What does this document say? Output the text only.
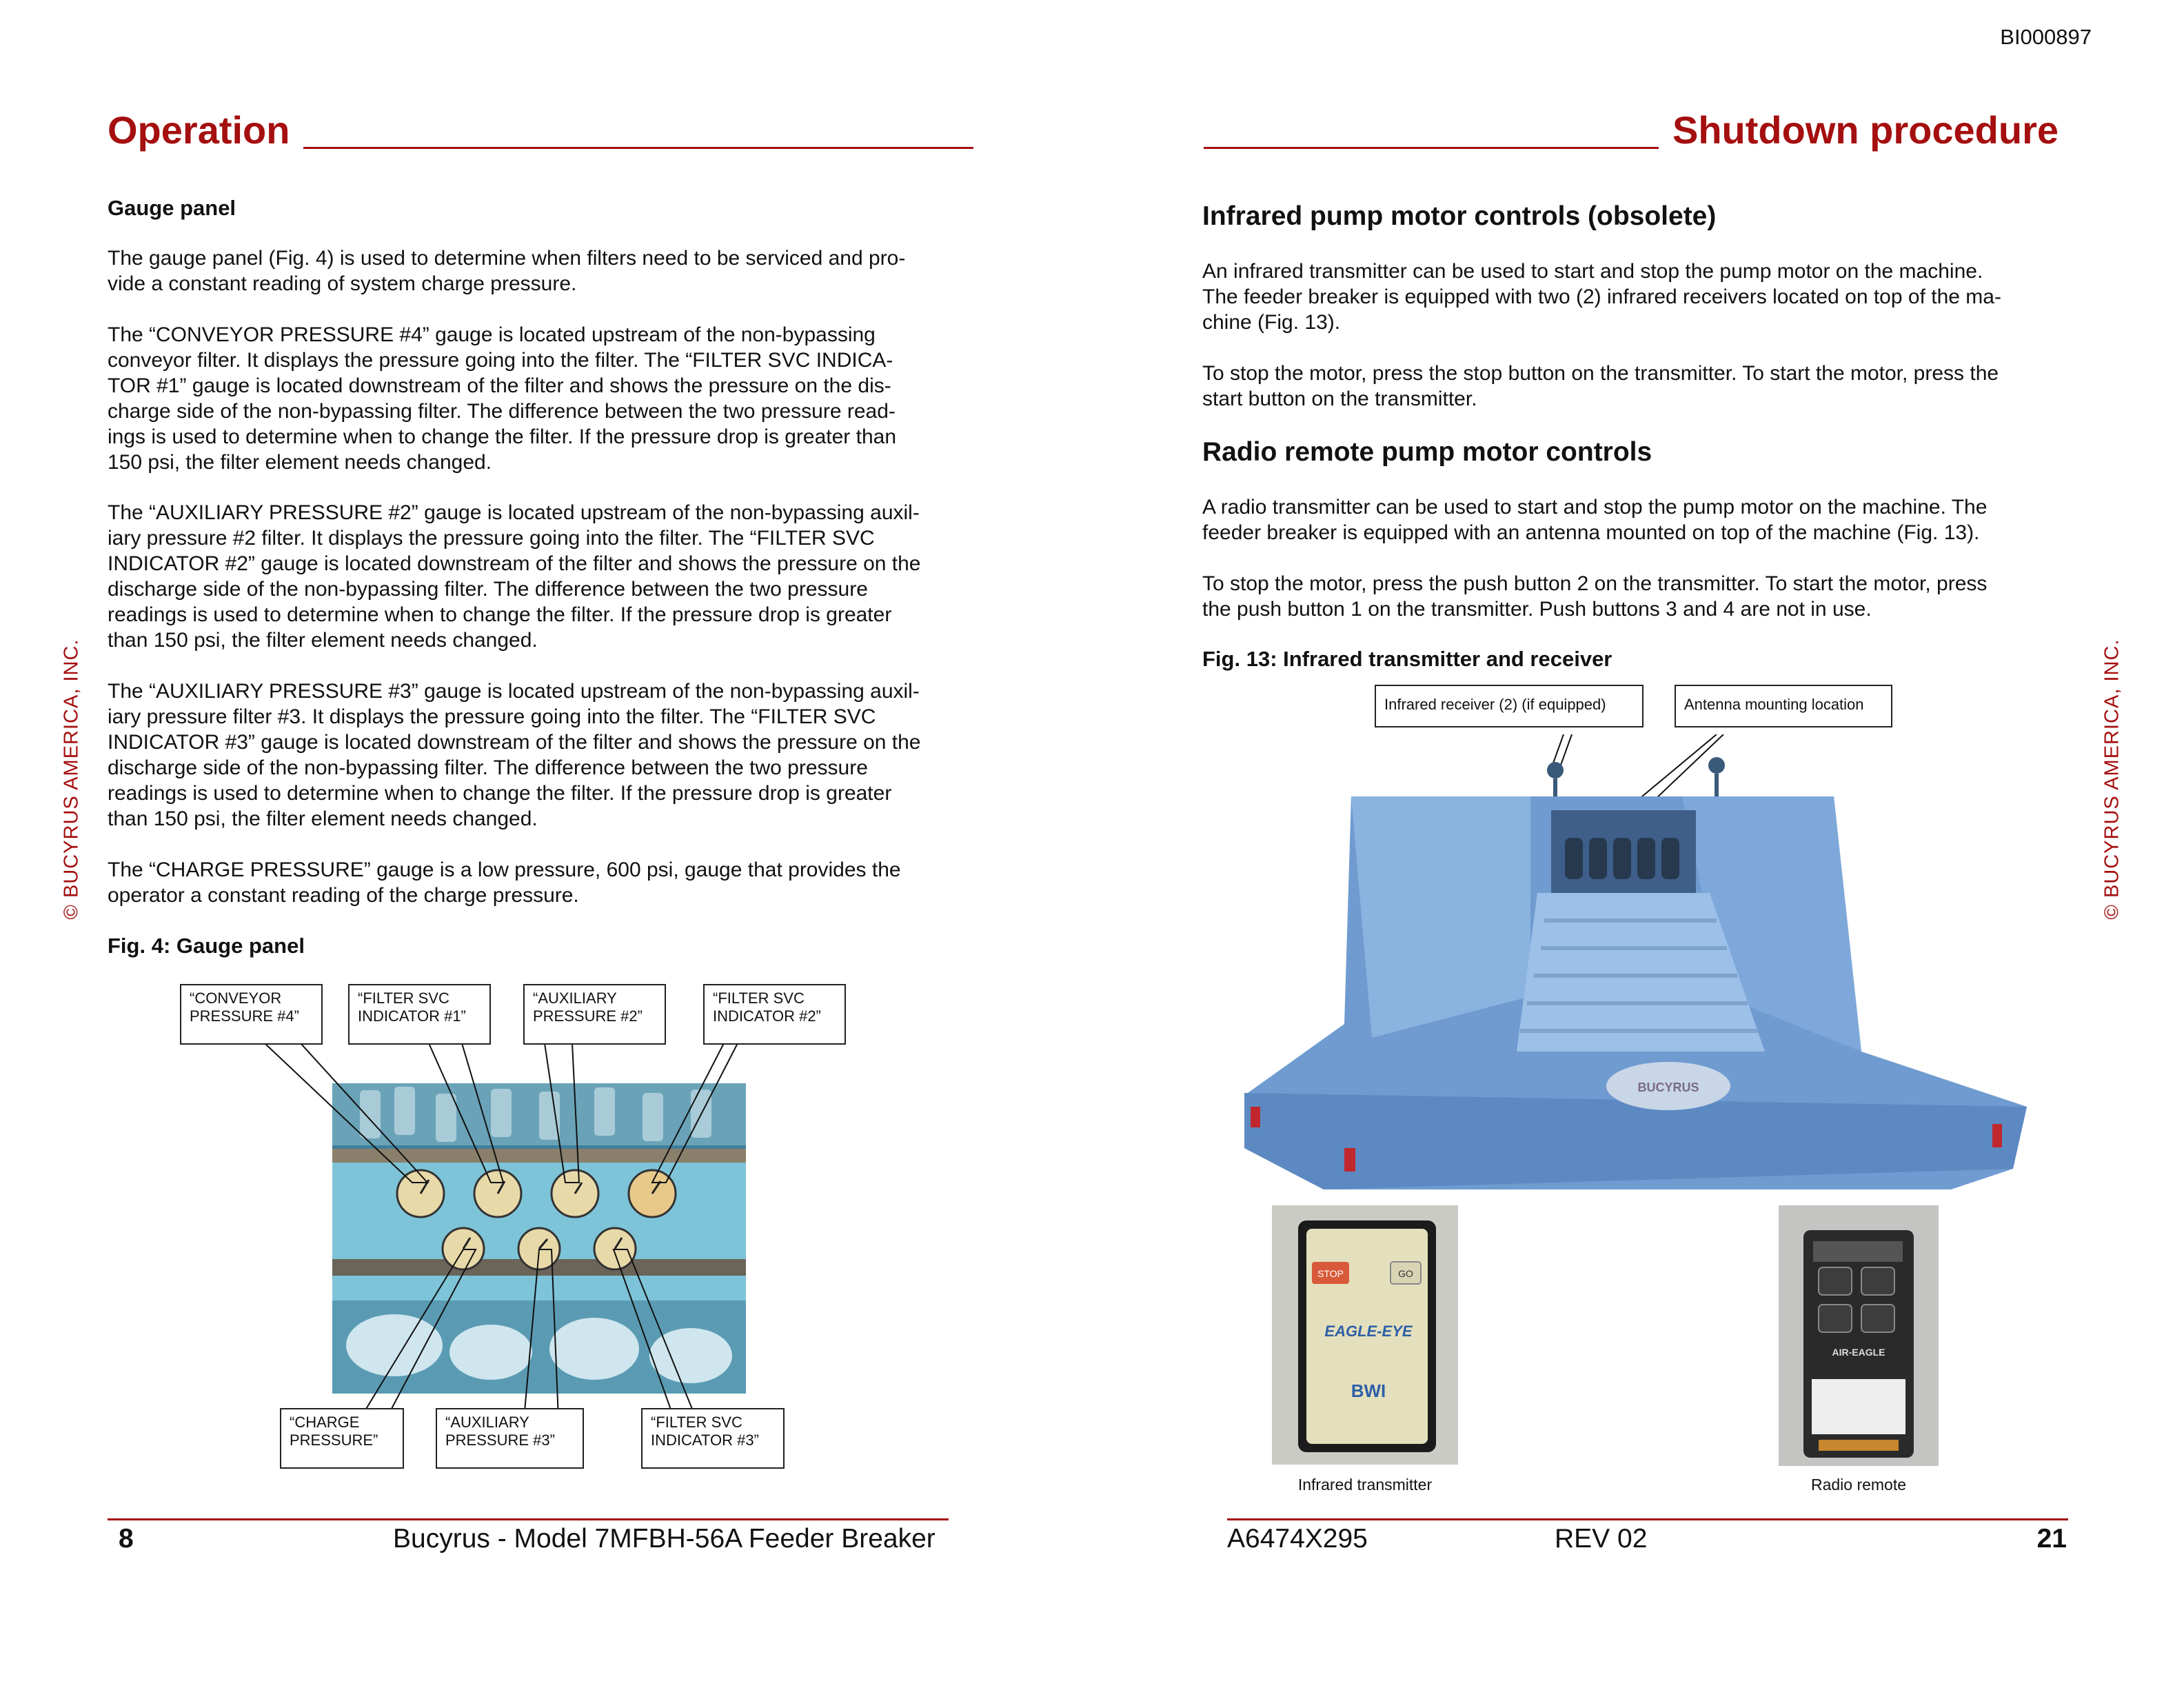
BI000897
© BUCYRUS AMERICA, INC.	© BUCYRUS AMERICA, INC.
Operation
Gauge panel

The gauge panel (Fig. 4) is used to determine when filters need to be serviced and pro-
vide a constant reading of system charge pressure.

The “CONVEYOR PRESSURE #4” gauge is located upstream of the non-bypassing
conveyor filter. It displays the pressure going into the filter. The “FILTER SVC INDICA-
TOR #1” gauge is located downstream of the filter and shows the pressure on the dis-
charge side of the non-bypassing filter. The difference between the two pressure read-
ings is used to determine when to change the filter. If the pressure drop is greater than
150 psi, the filter element needs changed.

The “AUXILIARY PRESSURE #2” gauge is located upstream of the non-bypassing auxil-
iary pressure #2 filter. It displays the pressure going into the filter. The “FILTER SVC
INDICATOR #2” gauge is located downstream of the filter and shows the pressure on the
discharge side of the non-bypassing filter. The difference between the two pressure
readings is used to determine when to change the filter. If the pressure drop is greater
than 150 psi, the filter element needs changed.

The “AUXILIARY PRESSURE #3” gauge is located upstream of the non-bypassing auxil-
iary pressure filter #3. It displays the pressure going into the filter. The “FILTER SVC
INDICATOR #3” gauge is located downstream of the filter and shows the pressure on the
discharge side of the non-bypassing filter. The difference between the two pressure
readings is used to determine when to change the filter. If the pressure drop is greater
than 150 psi, the filter element needs changed.

The “CHARGE PRESSURE” gauge is a low pressure, 600 psi, gauge that provides the
operator a constant reading of the charge pressure.

Fig. 4: Gauge panel
“CONVEYOR
PRESSURE #4”
“FILTER SVC
INDICATOR #1”
“AUXILIARY
PRESSURE #2”
“FILTER SVC
INDICATOR #2”
“CHARGE
PRESSURE”
“AUXILIARY
PRESSURE #3”
“FILTER SVC
INDICATOR #3”
8	Bucyrus - Model 7MFBH-56A Feeder Breaker
Shutdown procedure
Infrared pump motor controls (obsolete)

An infrared transmitter can be used to start and stop the pump motor on the machine.
The feeder breaker is equipped with two (2) infrared receivers located on top of the ma-
chine (Fig. 13).

To stop the motor, press the stop button on the transmitter. To start the motor, press the
start button on the transmitter.

Radio remote pump motor controls

A radio transmitter can be used to start and stop the pump motor on the machine. The
feeder breaker is equipped with an antenna mounted on top of the machine (Fig. 13).

To stop the motor, press the push button 2 on the transmitter. To start the motor, press
the push button 1 on the transmitter. Push buttons 3 and 4 are not in use.

Fig. 13: Infrared transmitter and receiver
Infrared receiver (2) (if equipped)	Antenna mounting location
BUCYRUS
STOP	GO
EAGLE-EYE
BWI
Infrared transmitter
AIR-EAGLE
Radio remote
A6474X295	REV 02	21
